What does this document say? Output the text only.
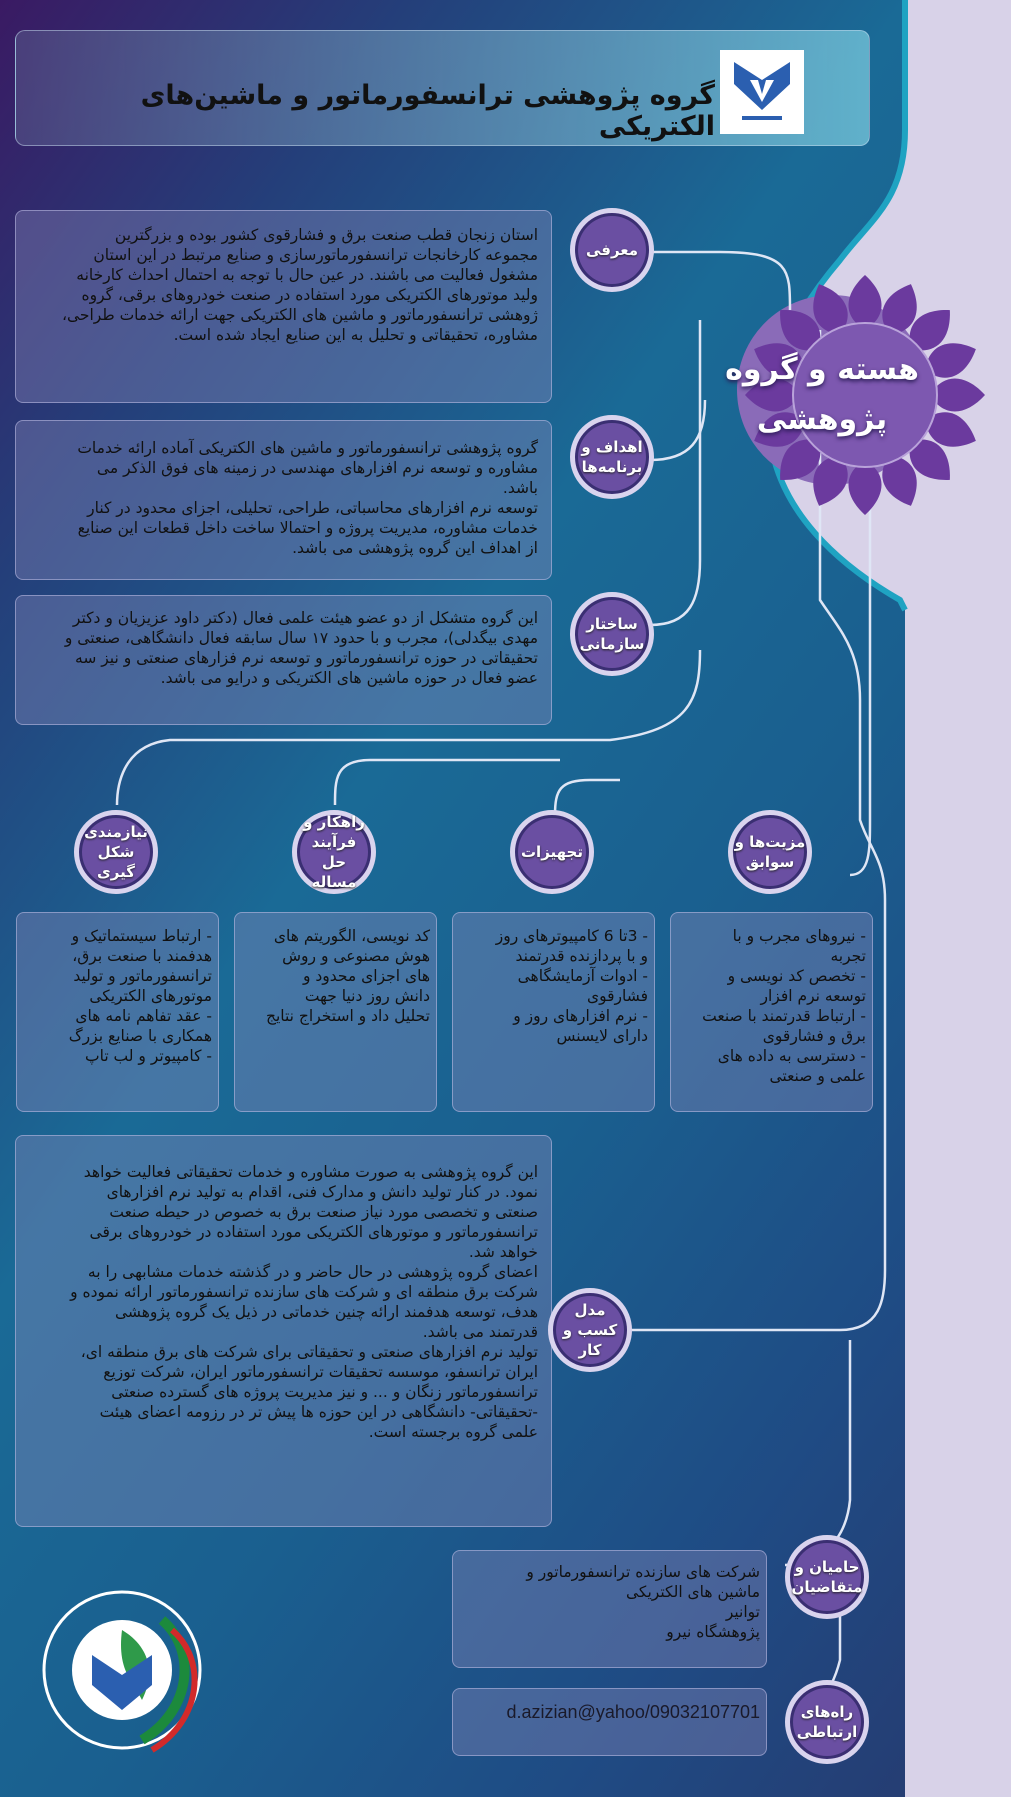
هسته و گروه
پژوهشی
گروه پژوهشی ترانسفورماتور و ماشین‌های الکتریکی
استان زنجان قطب صنعت برق و فشارقوی کشور بوده و بزرگترین
مجموعه کارخانجات ترانسفورماتورسازی و صنایع مرتبط در این استان
مشغول فعالیت می باشند. در عین حال با توجه به احتمال احداث کارخانه
ولید موتورهای الکتریکی مورد استفاده در صنعت خودروهای برقی، گروه
ژوهشی ترانسفورماتور و ماشین های الکتریکی جهت ارائه خدمات طراحی،
مشاوره، تحقیقاتی و تحلیل به این صنایع ایجاد شده است.
گروه پژوهشی ترانسفورماتور و ماشین های الکتریکی آماده ارائه خدمات
مشاوره و توسعه نرم افزارهای مهندسی در زمینه های فوق الذکر می
باشد.
توسعه نرم افزارهای محاسباتی، طراحی، تحلیلی، اجزای محدود در کنار
خدمات مشاوره، مدیریت پروژه و احتمالا ساخت داخل قطعات این صنایع
از اهداف این گروه پژوهشی می باشد.
این گروه متشکل از دو عضو هیئت علمی فعال (دکتر داود عزیزیان و دکتر
مهدی بیگدلی)، مجرب و با حدود ۱۷ سال سابقه فعال دانشگاهی، صنعتی و
تحقیقاتی در حوزه ترانسفورماتور و توسعه نرم فزارهای صنعتی و نیز سه
عضو فعال در حوزه ماشین های الکتریکی و درایو می باشد.
- نیروهای مجرب و با
تجربه
- تخصص کد نویسی و
توسعه نرم افزار
- ارتباط قدرتمند با صنعت
برق و فشارقوی
- دسترسی به داده های
علمی و صنعتی
- 3تا 6 کامپیوترهای روز
و با پردازنده قدرتمند
- ادوات آزمایشگاهی
فشارقوی
- نرم افزارهای روز و
دارای لایسنس
کد نویسی، الگوریتم های
هوش مصنوعی و روش
های اجزای محدود و
دانش روز دنیا جهت
تحلیل داد و استخراج نتایج
- ارتباط سیستماتیک و
هدفمند با صنعت برق،
ترانسفورماتور و تولید
موتورهای الکتریکی
- عقد تفاهم نامه های
همکاری با صنایع بزرگ
- کامپیوتر و لب تاپ
این گروه پژوهشی به صورت مشاوره و خدمات تحقیقاتی فعالیت خواهد
نمود. در کنار تولید دانش و مدارک فنی، اقدام به تولید نرم افزارهای
صنعتی و تخصصی مورد نیاز صنعت برق به خصوص در حیطه صنعت
ترانسفورماتور و موتورهای الکتریکی مورد استفاده در خودروهای برقی
خواهد شد.
اعضای گروه پژوهشی در حال حاضر و در گذشته خدمات مشابهی را به
شرکت برق منطقه ای و شرکت های سازنده ترانسفورماتور ارائه نموده و
هدف، توسعه هدفمند ارائه چنین خدماتی در ذیل یک گروه پژوهشی
قدرتمند می باشد.
تولید نرم افزارهای صنعتی و تحقیقاتی برای شرکت های برق منطقه ای،
ایران ترانسفو، موسسه تحقیقات ترانسفورماتور ایران، شرکت توزیع
ترانسفورماتور زنگان و ... و نیز مدیریت پروژه های گسترده صنعتی
-تحقیقاتی- دانشگاهی در این حوزه ها پیش تر در رزومه اعضای هیئت
علمی گروه برجسته است.
شرکت های سازنده ترانسفورماتور و
ماشین های الکتریکی
توانیر
پژوهشگاه نیرو
d.azizian@yahoo/09032107701
معرفی
اهداف و
برنامه‌ها
ساختار
سازمانی
مزیت‌ها و
سوابق
تجهیزات
راهکار و
فرآیند
حل مساله
نیازمندی
شکل گیری
مدل
کسب و کار
حامیان و
متقاضیان
راه‌های
ارتباطی
